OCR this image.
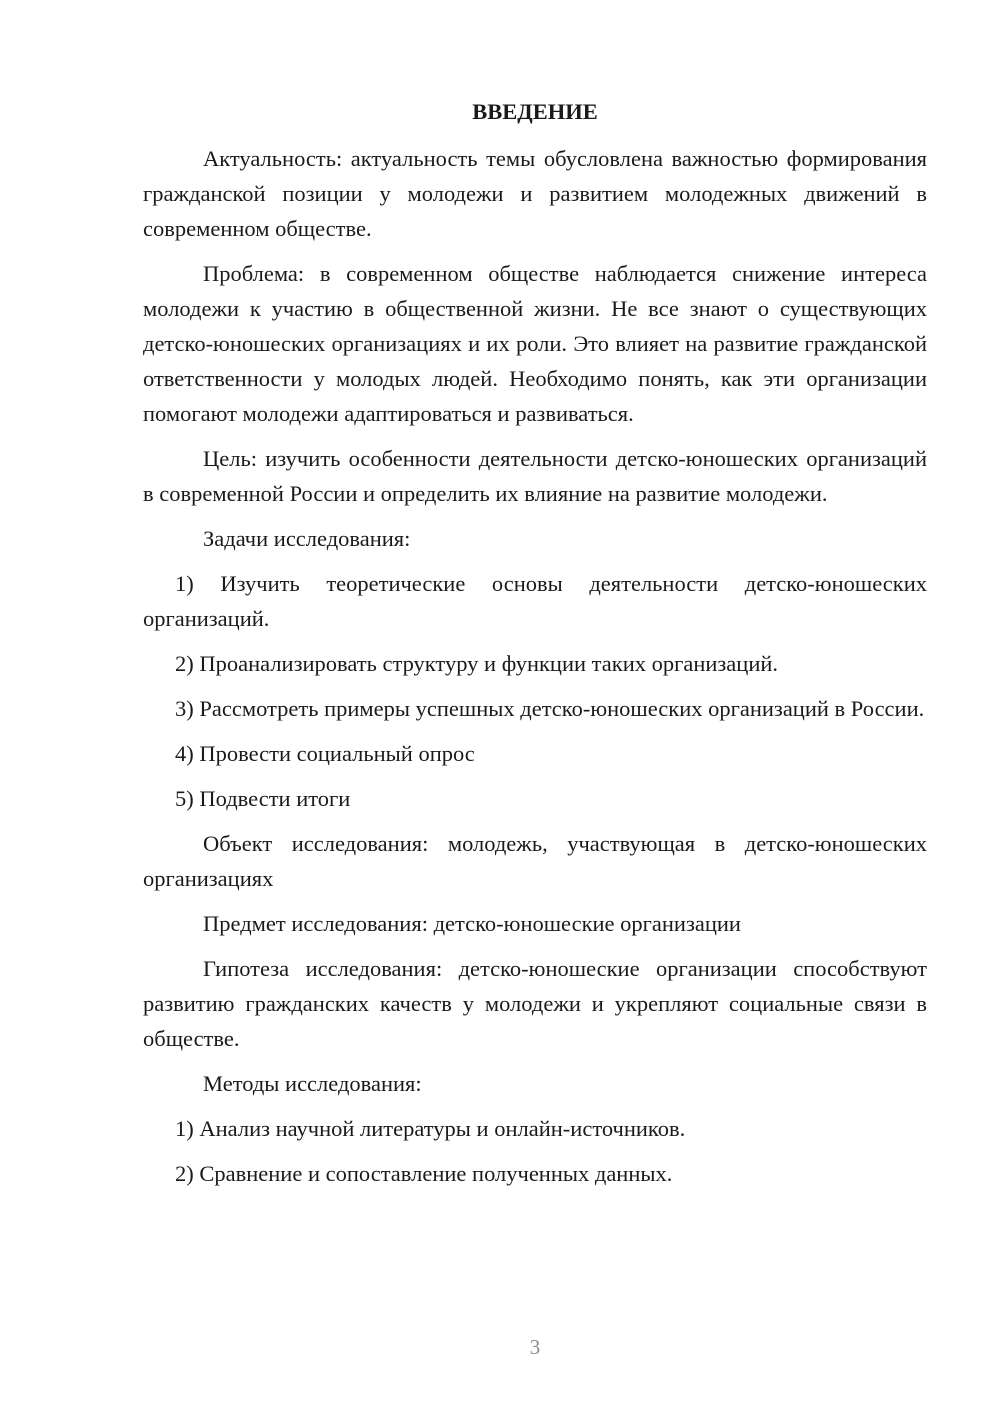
ВВЕДЕНИЕ

Актуальность: актуальность темы обусловлена важностью формирования гражданской позиции у молодежи и развитием молодежных движений в современном обществе.

Проблема: в современном обществе наблюдается снижение интереса молодежи к участию в общественной жизни. Не все знают о существующих детско-юношеских организациях и их роли. Это влияет на развитие гражданской ответственности у молодых людей. Необходимо понять, как эти организации помогают молодежи адаптироваться и развиваться.

Цель: изучить особенности деятельности детско-юношеских организаций в современной России и определить их влияние на развитие молодежи.

Задачи исследования:

1) Изучить теоретические основы деятельности детско-юношеских организаций.

2) Проанализировать структуру и функции таких организаций.

3) Рассмотреть примеры успешных детско-юношеских организаций в России.

4) Провести социальный опрос

5) Подвести итоги

Объект исследования: молодежь, участвующая в детско-юношеских организациях

Предмет исследования: детско-юношеские организации

Гипотеза исследования: детско-юношеские организации способствуют развитию гражданских качеств у молодежи и укрепляют социальные связи в обществе.

Методы исследования:

1) Анализ научной литературы и онлайн-источников.

2) Сравнение и сопоставление полученных данных.

3
